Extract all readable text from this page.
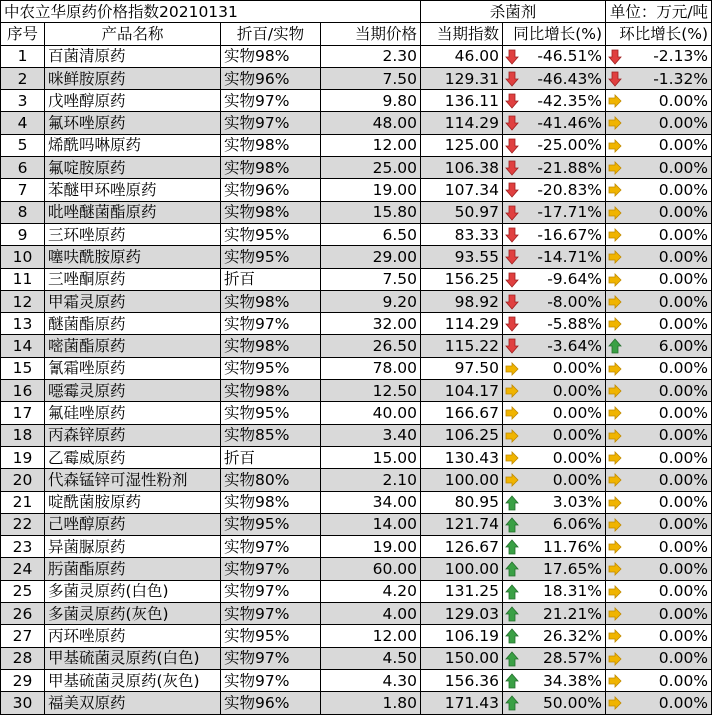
中农立华原药价格指数20210131				杀菌剂		单位：万元/吨
序号	产品名称	折百/实物	当期价格	当期指数	同比增长(%)	环比增长(%)
1	百菌清原药	实物98%	2.30	46.00	-46.51%	-2.13%
2	咪鲜胺原药	实物96%	7.50	129.31	-46.43%	-1.32%
3	戊唑醇原药	实物97%	9.80	136.11	-42.35%	0.00%
4	氟环唑原药	实物97%	48.00	114.29	-41.46%	0.00%
5	烯酰吗啉原药	实物98%	12.00	125.00	-25.00%	0.00%
6	氟啶胺原药	实物98%	25.00	106.38	-21.88%	0.00%
7	苯醚甲环唑原药	实物96%	19.00	107.34	-20.83%	0.00%
8	吡唑醚菌酯原药	实物98%	15.80	50.97	-17.71%	0.00%
9	三环唑原药	实物95%	6.50	83.33	-16.67%	0.00%
10	噻呋酰胺原药	实物95%	29.00	93.55	-14.71%	0.00%
11	三唑酮原药	折百	7.50	156.25	-9.64%	0.00%
12	甲霜灵原药	实物98%	9.20	98.92	-8.00%	0.00%
13	醚菌酯原药	实物97%	32.00	114.29	-5.88%	0.00%
14	嘧菌酯原药	实物98%	26.50	115.22	-3.64%	6.00%
15	氰霜唑原药	实物95%	78.00	97.50	0.00%	0.00%
16	噁霉灵原药	实物98%	12.50	104.17	0.00%	0.00%
17	氟硅唑原药	实物95%	40.00	166.67	0.00%	0.00%
18	丙森锌原药	实物85%	3.40	106.25	0.00%	0.00%
19	乙霉威原药	折百	15.00	130.43	0.00%	0.00%
20	代森锰锌可湿性粉剂	实物80%	2.10	100.00	0.00%	0.00%
21	啶酰菌胺原药	实物98%	34.00	80.95	3.03%	0.00%
22	己唑醇原药	实物95%	14.00	121.74	6.06%	0.00%
23	异菌脲原药	实物97%	19.00	126.67	11.76%	0.00%
24	肟菌酯原药	实物97%	60.00	100.00	17.65%	0.00%
25	多菌灵原药(白色)	实物97%	4.20	131.25	18.31%	0.00%
26	多菌灵原药(灰色)	实物97%	4.00	129.03	21.21%	0.00%
27	丙环唑原药	实物95%	12.00	106.19	26.32%	0.00%
28	甲基硫菌灵原药(白色)	实物97%	4.50	150.00	28.57%	0.00%
29	甲基硫菌灵原药(灰色)	实物97%	4.30	156.36	34.38%	0.00%
30	福美双原药	实物96%	1.80	171.43	50.00%	0.00%
